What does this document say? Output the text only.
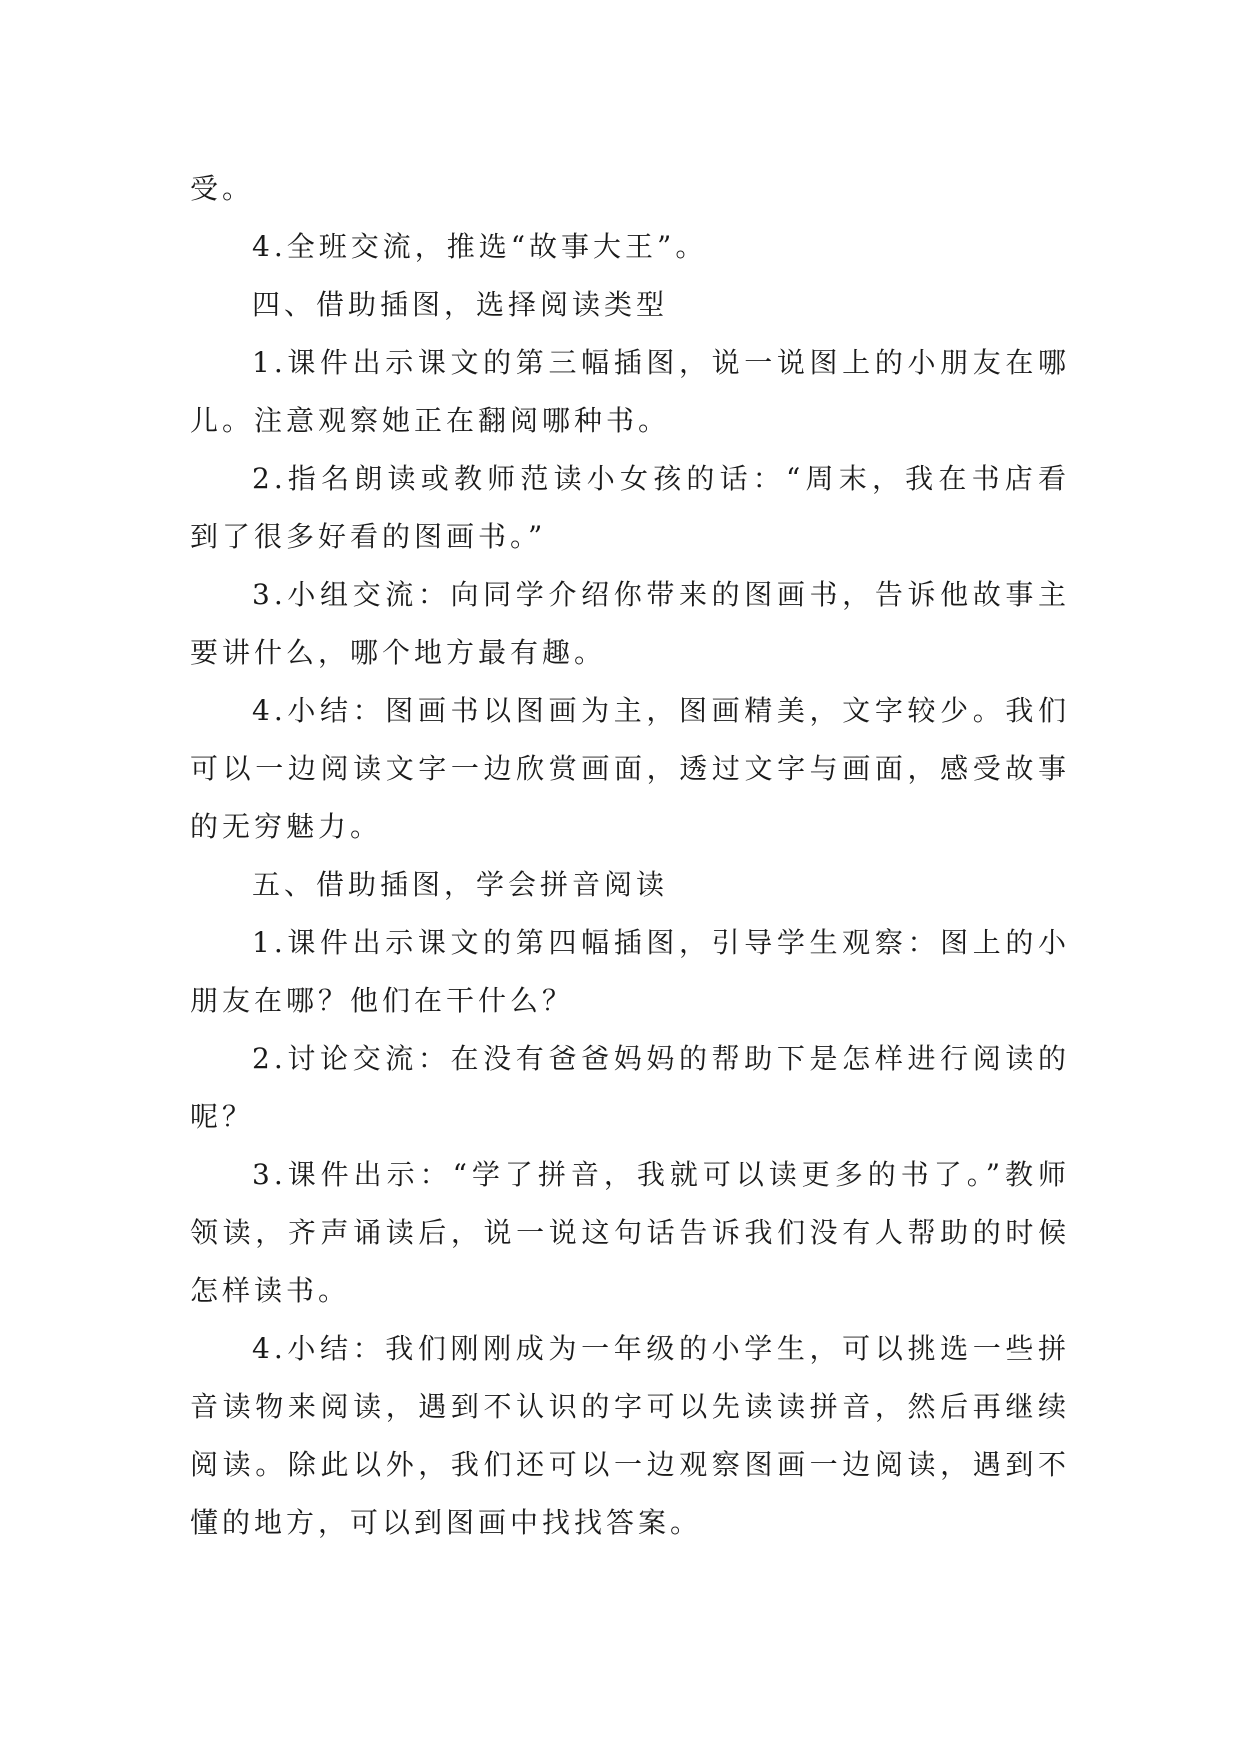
受。

4.全班交流，推选“故事大王”。

四、借助插图，选择阅读类型

1.课件出示课文的第三幅插图，说一说图上的小朋友在哪儿。注意观察她正在翻阅哪种书。

2.指名朗读或教师范读小女孩的话：“周末，我在书店看到了很多好看的图画书。”

3.小组交流：向同学介绍你带来的图画书，告诉他故事主要讲什么，哪个地方最有趣。

4.小结：图画书以图画为主，图画精美，文字较少。我们可以一边阅读文字一边欣赏画面，透过文字与画面，感受故事的无穷魅力。

五、借助插图，学会拼音阅读

1.课件出示课文的第四幅插图，引导学生观察：图上的小朋友在哪？他们在干什么？

2.讨论交流：在没有爸爸妈妈的帮助下是怎样进行阅读的呢？

3.课件出示：“学了拼音，我就可以读更多的书了。”教师领读，齐声诵读后，说一说这句话告诉我们没有人帮助的时候怎样读书。

4.小结：我们刚刚成为一年级的小学生，可以挑选一些拼音读物来阅读，遇到不认识的字可以先读读拼音，然后再继续阅读。除此以外，我们还可以一边观察图画一边阅读，遇到不懂的地方，可以到图画中找找答案。
